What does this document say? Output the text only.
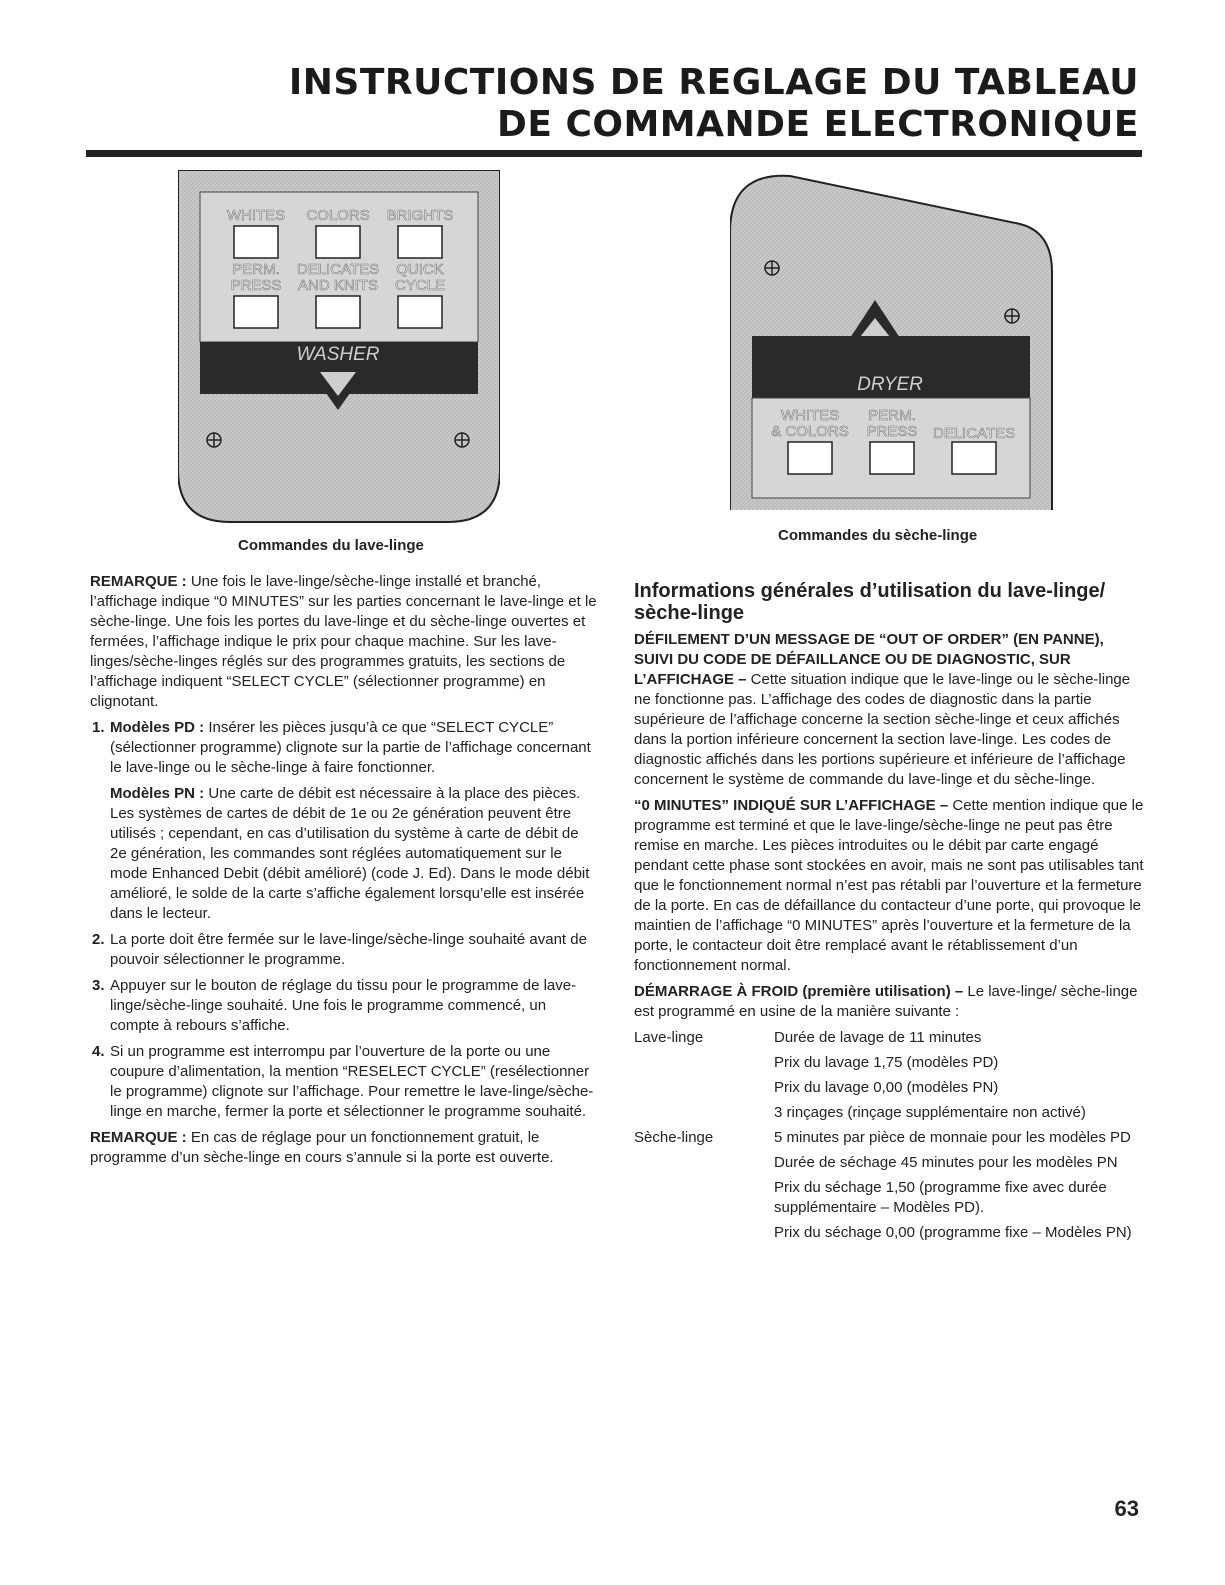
INSTRUCTIONS DE REGLAGE DU TABLEAU
DE COMMANDE ELECTRONIQUE
WHITES COLORS BRIGHTS
PERM. DELICATES QUICK
PRESS AND KNITS CYCLE
WASHER
Commandes du lave-linge
DRYER
WHITES PERM.
& COLORS PRESS DELICATES
Commandes du sèche-linge

REMARQUE : Une fois le lave-linge/sèche-linge installé et branché, l’affichage indique “0 MINUTES” sur les parties concernant le lave-linge et le sèche-linge. Une fois les portes du lave-linge et du sèche-linge ouvertes et fermées, l’affichage indique le prix pour chaque machine. Sur les lave-linges/sèche-linges réglés sur des programmes gratuits, les sections de l’affichage indiquent “SELECT CYCLE” (sélectionner programme) en clignotant.

1. Modèles PD : Insérer les pièces jusqu’à ce que “SELECT CYCLE” (sélectionner programme) clignote sur la partie de l’affichage concernant le lave-linge ou le sèche-linge à faire fonctionner.

Modèles PN : Une carte de débit est nécessaire à la place des pièces. Les systèmes de cartes de débit de 1e ou 2e génération peuvent être utilisés ; cependant, en cas d’utilisation du système à carte de débit de 2e génération, les commandes sont réglées automatiquement sur le mode Enhanced Debit (débit amélioré) (code J. Ed). Dans le mode débit amélioré, le solde de la carte s’affiche également lorsqu’elle est insérée dans le lecteur.

2. La porte doit être fermée sur le lave-linge/sèche-linge souhaité avant de pouvoir sélectionner le programme.
3. Appuyer sur le bouton de réglage du tissu pour le programme de lave-linge/sèche-linge souhaité. Une fois le programme commencé, un compte à rebours s’affiche.
4. Si un programme est interrompu par l’ouverture de la porte ou une coupure d’alimentation, la mention “RESELECT CYCLE” (resélectionner le programme) clignote sur l’affichage. Pour remettre le lave-linge/sèche-linge en marche, fermer la porte et sélectionner le programme souhaité.

REMARQUE : En cas de réglage pour un fonctionnement gratuit, le programme d’un sèche-linge en cours s’annule si la porte est ouverte.

Informations générales d’utilisation du lave-linge/ sèche-linge

DÉFILEMENT D’UN MESSAGE DE “OUT OF ORDER” (EN PANNE), SUIVI DU CODE DE DÉFAILLANCE OU DE DIAGNOSTIC, SUR L’AFFICHAGE – Cette situation indique que le lave-linge ou le sèche-linge ne fonctionne pas. L’affichage des codes de diagnostic dans la partie supérieure de l’affichage concerne la section sèche-linge et ceux affichés dans la portion inférieure concernent la section lave-linge. Les codes de diagnostic affichés dans les portions supérieure et inférieure de l’affichage concernent le système de commande du lave-linge et du sèche-linge.

“0 MINUTES” INDIQUÉ SUR L’AFFICHAGE – Cette mention indique que le programme est terminé et que le lave-linge/sèche-linge ne peut pas être remise en marche. Les pièces introduites ou le débit par carte engagé pendant cette phase sont stockées en avoir, mais ne sont pas utilisables tant que le fonctionnement normal n’est pas rétabli par l’ouverture et la fermeture de la porte. En cas de défaillance du contacteur d’une porte, qui provoque le maintien de l’affichage “0 MINUTES” après l’ouverture et la fermeture de la porte, le contacteur doit être remplacé avant le rétablissement d’un fonctionnement normal.

DÉMARRAGE À FROID (première utilisation) – Le lave-linge/ sèche-linge est programmé en usine de la manière suivante :

Lave-linge	Durée de lavage de 11 minutes
Prix du lavage 1,75 (modèles PD)
Prix du lavage 0,00 (modèles PN)
3 rinçages (rinçage supplémentaire non activé)
Sèche-linge	5 minutes par pièce de monnaie pour les modèles PD
Durée de séchage 45 minutes pour les modèles PN
Prix du séchage 1,50 (programme fixe avec durée supplémentaire – Modèles PD).
Prix du séchage 0,00 (programme fixe – Modèles PN)
63
